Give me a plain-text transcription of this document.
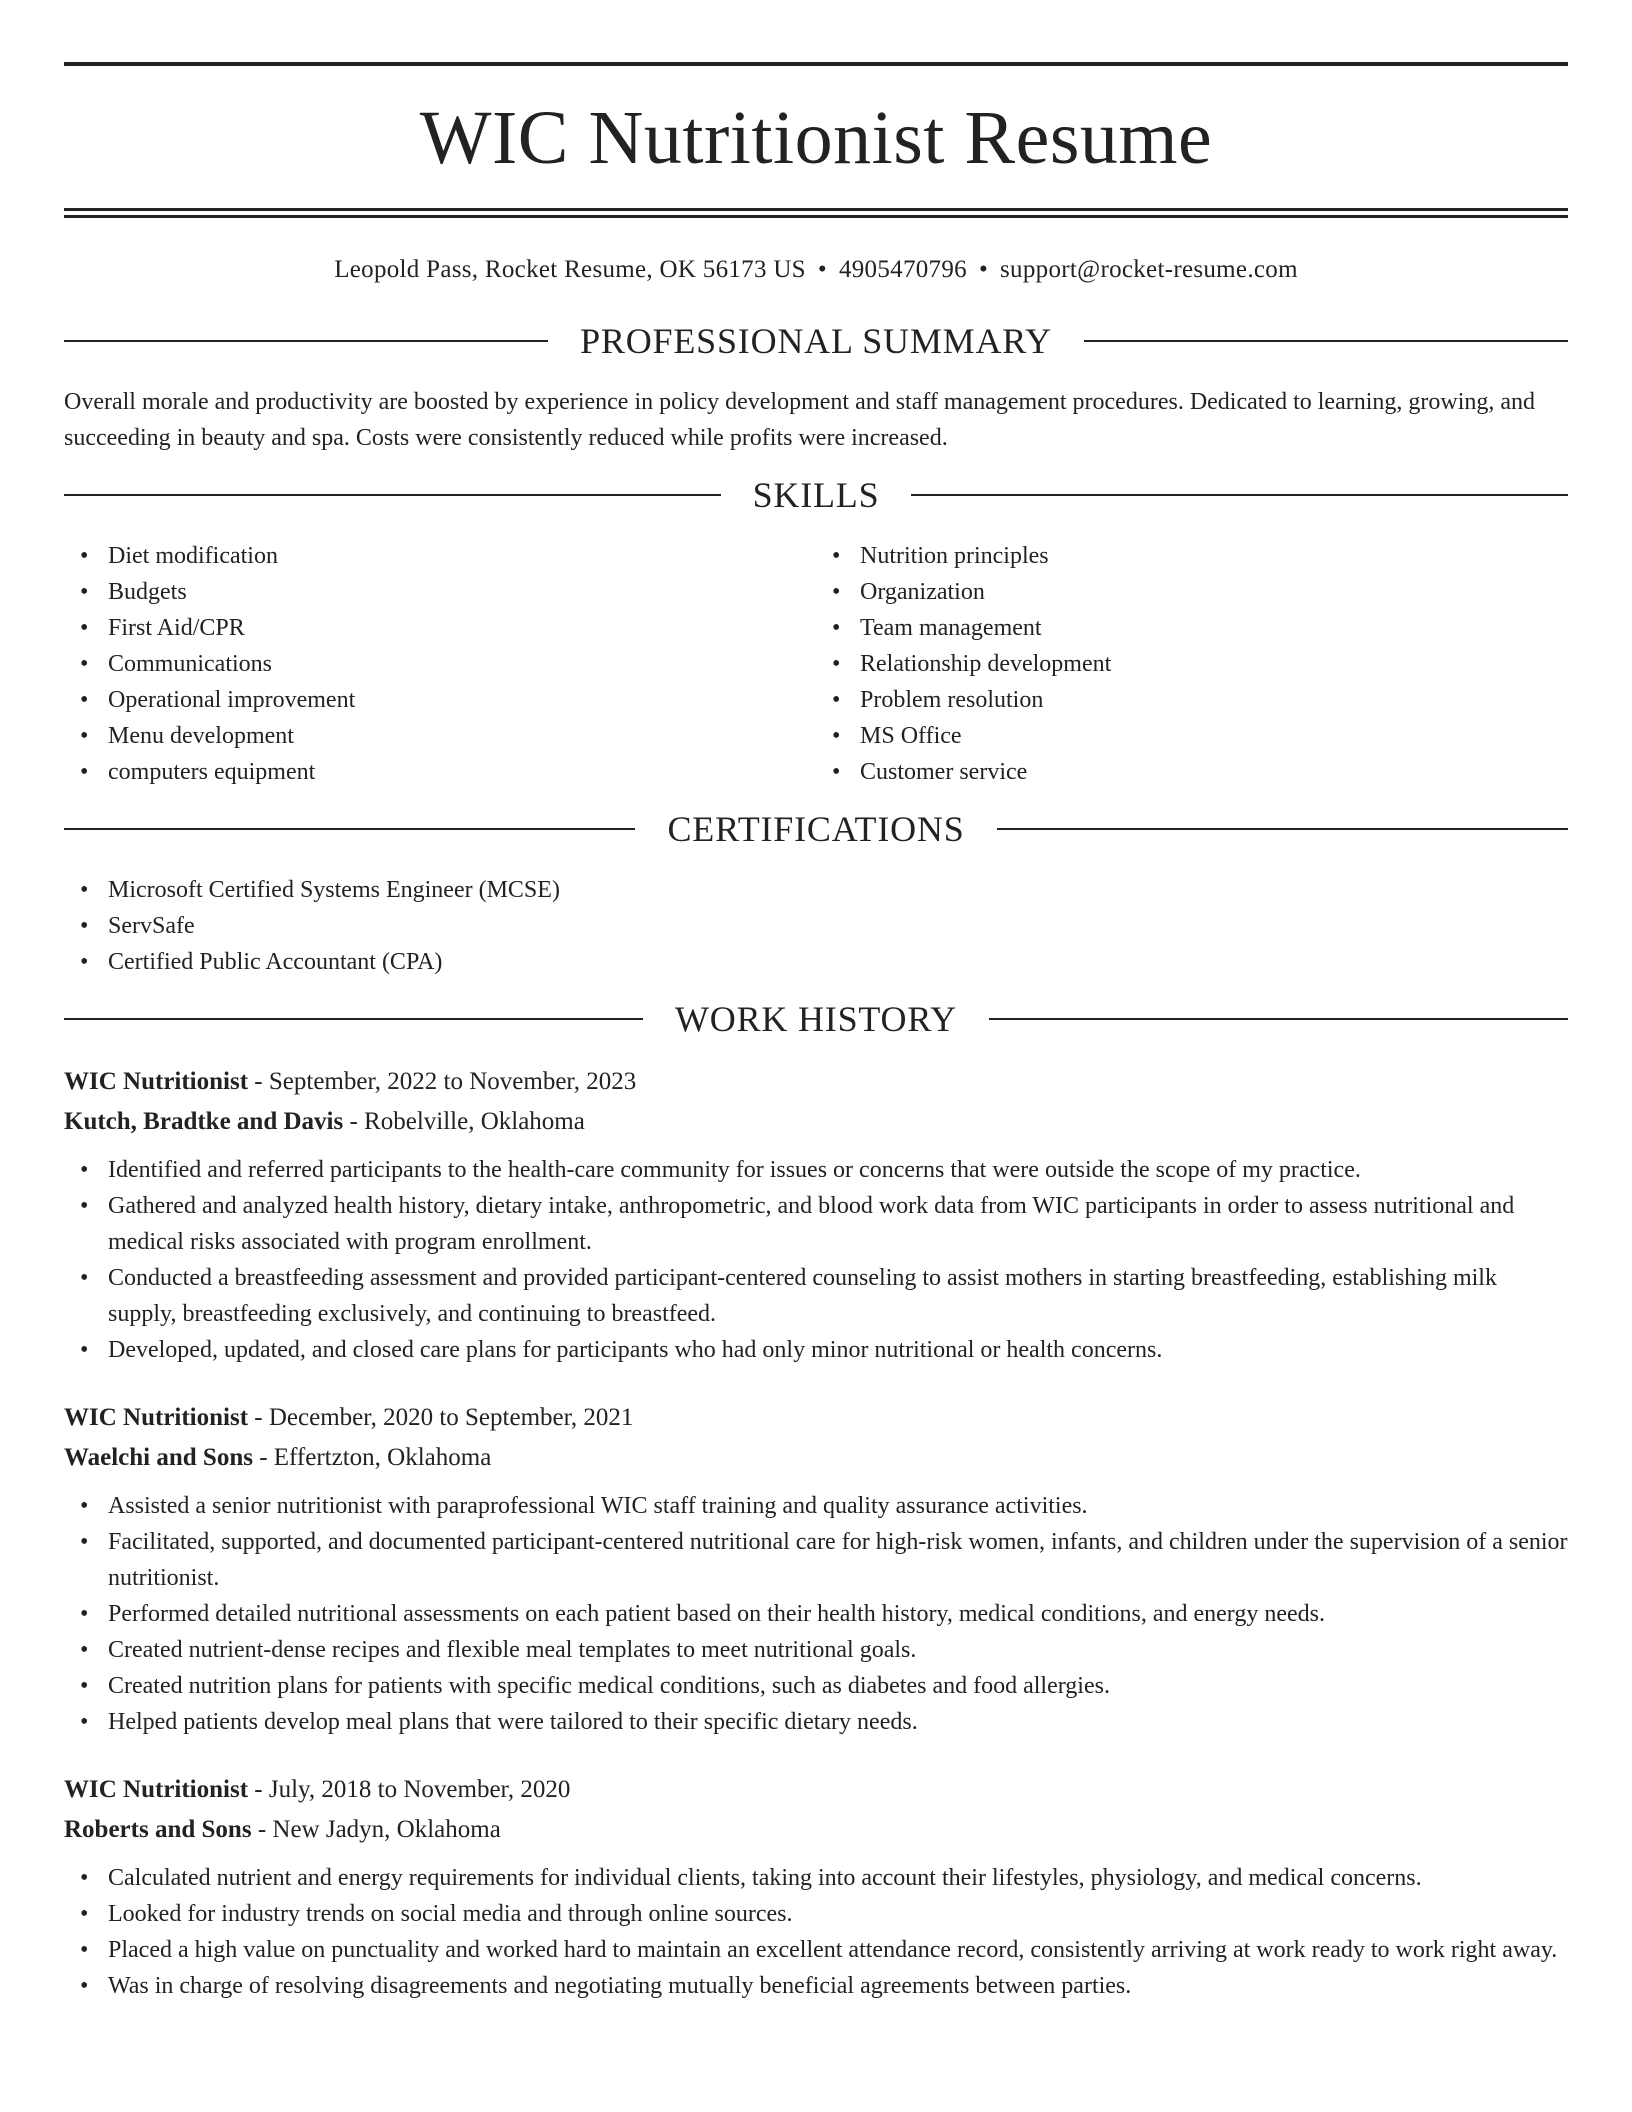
WIC Nutritionist Resume
Leopold Pass, Rocket Resume, OK 56173 US • 4905470796 • support@rocket-resume.com
PROFESSIONAL SUMMARY

Overall morale and productivity are boosted by experience in policy development and staff management procedures. Dedicated to learning, growing, and succeeding in beauty and spa. Costs were consistently reduced while profits were increased.

SKILLS
• Diet modification
• Budgets
• First Aid/CPR
• Communications
• Operational improvement
• Menu development
• computers equipment
• Nutrition principles
• Organization
• Team management
• Relationship development
• Problem resolution
• MS Office
• Customer service
CERTIFICATIONS
• Microsoft Certified Systems Engineer (MCSE)
• ServSafe
• Certified Public Accountant (CPA)
WORK HISTORY
WIC Nutritionist - September, 2022 to November, 2023
Kutch, Bradtke and Davis - Robelville, Oklahoma
• Identified and referred participants to the health-care community for issues or concerns that were outside the scope of my practice.
• Gathered and analyzed health history, dietary intake, anthropometric, and blood work data from WIC participants in order to assess nutritional and medical risks associated with program enrollment.
• Conducted a breastfeeding assessment and provided participant-centered counseling to assist mothers in starting breastfeeding, establishing milk supply, breastfeeding exclusively, and continuing to breastfeed.
• Developed, updated, and closed care plans for participants who had only minor nutritional or health concerns.
WIC Nutritionist - December, 2020 to September, 2021
Waelchi and Sons - Effertzton, Oklahoma
• Assisted a senior nutritionist with paraprofessional WIC staff training and quality assurance activities.
• Facilitated, supported, and documented participant-centered nutritional care for high-risk women, infants, and children under the supervision of a senior nutritionist.
• Performed detailed nutritional assessments on each patient based on their health history, medical conditions, and energy needs.
• Created nutrient-dense recipes and flexible meal templates to meet nutritional goals.
• Created nutrition plans for patients with specific medical conditions, such as diabetes and food allergies.
• Helped patients develop meal plans that were tailored to their specific dietary needs.
WIC Nutritionist - July, 2018 to November, 2020
Roberts and Sons - New Jadyn, Oklahoma
• Calculated nutrient and energy requirements for individual clients, taking into account their lifestyles, physiology, and medical concerns.
• Looked for industry trends on social media and through online sources.
• Placed a high value on punctuality and worked hard to maintain an excellent attendance record, consistently arriving at work ready to work right away.
• Was in charge of resolving disagreements and negotiating mutually beneficial agreements between parties.
